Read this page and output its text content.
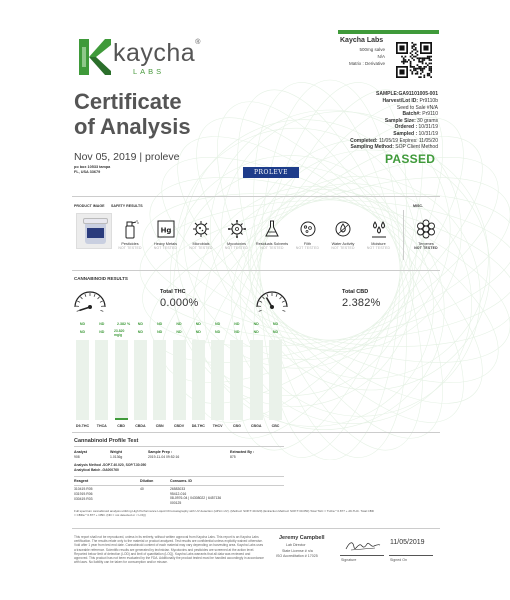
kaycha®
LABS
Kaycha Labs
500mg salve
N/A
Matrix : Derivative
Certificate
of Analysis
Nov 05, 2019 | proleve
po box 10533 tampa
FL, USA 33679
SAMPLE:GA91101005-001
Harvest/Lot ID: Pr9110b
Seed to Sale #N/A
Batch#: Pr9110
Sample Size: 30 grams
Ordered : 10/31/19
Sampled : 10/31/19
Completed: 11/05/19 Expires: 11/05/20
Sampling Method: SOP Client Method
PASSED
PROLEVE
PRODUCT IMAGE SAFETY RESULTS	MISC.
Pesticides
NOT TESTED
Hg
Heavy Metals
NOT TESTED
Microbials
NOT TESTED
Mycotoxins
NOT TESTED
Residuals Solvents
NOT TESTED
Filth
NOT TESTED
Water Activity
NOT TESTED
Moisture
NOT TESTED
Terpenes
NOT TESTED
CANNABINOID RESULTS
Total THC
0.000%
Total CBD
2.382%
ND
ND
D9-THC
ND
ND
THCA
2.382 %
CBD
ND
ND
CBDA
ND
ND
CBN
ND
ND
CBDV
ND
ND
D8-THC
ND
ND
THCV
ND
ND
CBG
ND
ND
CBGA
ND
ND
CBC
23.820
mg/g
Cannabinoid Profile Test
Analyst	Weight	Sample Prep :	Extracted By :
908	1.0136g	2019-11-04 09:52:16	875
Analysis Method -SOP.T.40.020, SOP.T.30.050
Analytical Batch -GA000760
Reagent	Dilution	Consums. ID
310419.R05
031919.R06
030419.R03
40	26583033
95412-016
08-0976-04 | 04308022 | 6457136
000125
Full spectrum cannabinoid analysis utilizing High Performance Liquid Chromatography with UV detection (HPLC-UV). (Method: SOP.T.40.020) (Extraction Method: SOP.T.30.050) Total THC = THCa * 0.877 + d9-THC. Total CBD = CBDa * 0.877 + CBD. (ND = not detected or < LOQ)
This report shall not be reproduced, unless in its entirety, without written approval from Kaycha Labs. This report is an Kaycha Labs certification. The results relate only to the material or product analyzed. Test results are confidential unless explicitly waived otherwise. Void after 1 year from test end date. Cannabinoid content of each material may vary depending on harvesting area. Kaycha Labs uses a traceable reference. Scientific results are generated by technician. Mycotoxins and pesticides are screened at the action level. Reported below limit of detection (LOD) and limit of quantitation (LOQ). Kaycha Labs warrants that all data was reviewed and approved. This product has not been evaluated by the FDA. Additionally the product tested must be handled accordingly in accordance with laws. No liability can be taken for consumption and/or misuse.
Jeremy Campbell
Lab Director
State License # n/a
ISO Accreditation # 17025
Signature
11/05/2019
Signed On
